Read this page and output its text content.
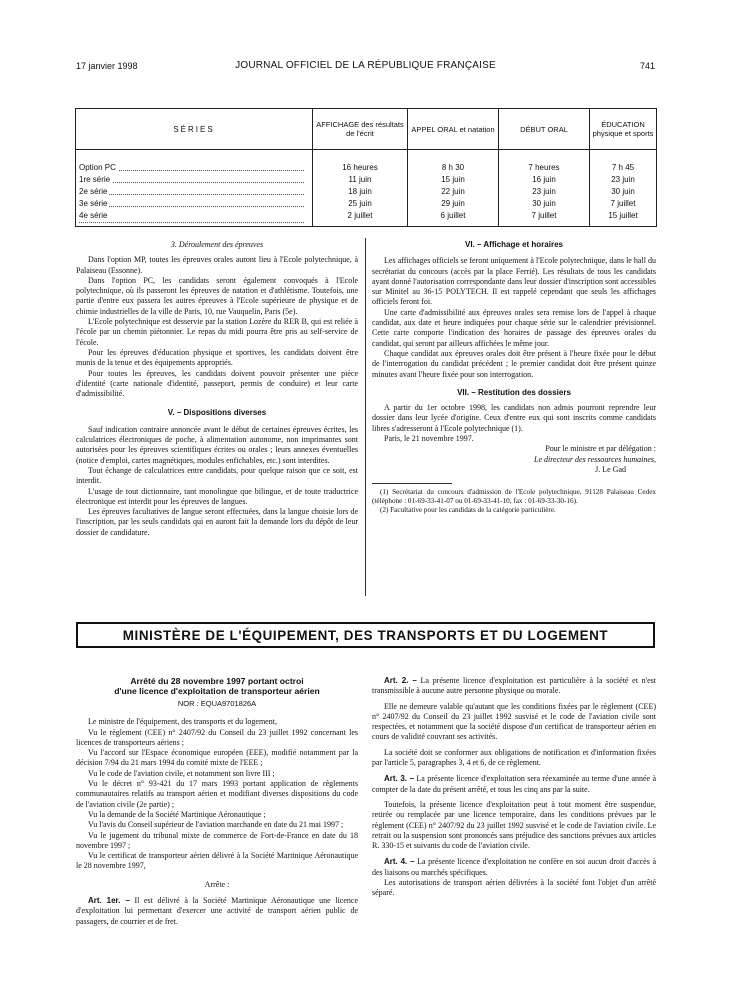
17 janvier 1998	JOURNAL OFFICIEL DE LA RÉPUBLIQUE FRANÇAISE	741
SÉRIES	AFFICHAGE des résultats de l'écrit	APPEL ORAL et natation	DÉBUT ORAL	ÉDUCATION physique et sports

Option PC	16 heures	8 h 30	7 heures	7 h 45

1re série	11 juin	15 juin	16 juin	23 juin

2e série	18 juin	22 juin	23 juin	30 juin

3e série	25 juin	29 juin	30 juin	7 juillet

4e série	2 juillet	6 juillet	7 juillet	15 juillet
3. Déroulement des épreuves

Dans l'option MP, toutes les épreuves orales auront lieu à l'Ecole polytechnique, à Palaiseau (Essonne).

Dans l'option PC, les candidats seront également convoqués à l'Ecole polytechnique, où ils passeront les épreuves de natation et d'athlétisme. Toutefois, une partie d'entre eux passera les autres épreuves à l'Ecole supérieure de physique et de chimie industrielles de la ville de Paris, 10, rue Vauquelin, Paris (5e).

L'Ecole polytechnique est desservie par la station Lozère du RER B, qui est reliée à l'école par un chemin piétonnier. Le repas du midi pourra être pris au self-service de l'école.

Pour les épreuves d'éducation physique et sportives, les candidats doivent être munis de la tenue et des équipements appropriés.

Pour toutes les épreuves, les candidats doivent pouvoir présenter une pièce d'identité (carte nationale d'identité, passeport, permis de conduire) et leur carte d'admissibilité.

V. – Dispositions diverses

Sauf indication contraire annoncée avant le début de certaines épreuves écrites, les calculatrices électroniques de poche, à alimentation autonome, non imprimantes sont autorisées pour les épreuves scientifiques écrites ou orales ; leurs annexes éventuelles (notice d'emploi, cartes magnétiques, modules enfichables, etc.) sont interdites.

Tout échange de calculatrices entre candidats, pour quelque raison que ce soit, est interdit.

L'usage de tout dictionnaire, tant monolingue que bilingue, et de toute traductrice électronique est interdit pour les épreuves de langues.

Les épreuves facultatives de langue seront effectuées, dans la langue choisie lors de l'inscription, par les seuls candidats qui en auront fait la demande lors du dépôt de leur dossier de candidature.

VI. – Affichage et horaires

Les affichages officiels se feront uniquement à l'Ecole polytechnique, dans le hall du secrétariat du concours (accès par la place Ferrié). Les résultats de tous les candidats ayant donné l'autorisation correspondante dans leur dossier d'inscription sont accessibles sur Minitel au 36-15 POLYTECH. Il est rappelé cependant que seuls les affichages officiels feront foi.

Une carte d'admissibilité aux épreuves orales sera remise lors de l'appel à chaque candidat, aux date et heure indiquées pour chaque série sur le calendrier prévisionnel. Cette carte comporte l'indication des horaires de passage des épreuves orales du candidat, qui seront par ailleurs affichées le même jour.

Chaque candidat aux épreuves orales doit être présent à l'heure fixée pour le début de l'interrogation du candidat précédent ; le premier candidat doit être présent quinze minutes avant l'heure fixée pour son interrogation.

VII. – Restitution des dossiers

A partir du 1er octobre 1998, les candidats non admis pourront reprendre leur dossier dans leur lycée d'origine. Ceux d'entre eux qui sont inscrits comme candidats libres s'adresseront à l'Ecole polytechnique (1).

Paris, le 21 novembre 1997.

Pour le ministre et par délégation :

Le directeur des ressources humaines,

J. Le Gad

(1) Secrétariat du concours d'admission de l'Ecole polytechnique, 91128 Palaiseau Cedex (téléphone : 01-69-33-41-07 ou 01-69-33-41-10, fax : 01-69-33-30-16).

(2) Facultative pour les candidats de la catégorie particulière.

MINISTÈRE DE L'ÉQUIPEMENT, DES TRANSPORTS ET DU LOGEMENT
Arrêté du 28 novembre 1997 portant octroi
d'une licence d'exploitation de transporteur aérien
NOR : EQUA9701826A

Le ministre de l'équipement, des transports et du logement,

Vu le règlement (CEE) n° 2407/92 du Conseil du 23 juillet 1992 concernant les licences de transporteurs aériens ;

Vu l'accord sur l'Espace économique européen (EEE), modifié notamment par la décision 7/94 du 21 mars 1994 du comité mixte de l'EEE ;

Vu le code de l'aviation civile, et notamment son livre III ;

Vu le décret n° 93-421 du 17 mars 1993 portant application de règlements communautaires relatifs au transport aérien et modifiant diverses dispositions du code de l'aviation civile (2e partie) ;

Vu la demande de la Société Martinique Aéronautique ;

Vu l'avis du Conseil supérieur de l'aviation marchande en date du 21 mai 1997 ;

Vu le jugement du tribunal mixte de commerce de Fort-de-France en date du 18 novembre 1997 ;

Vu le certificat de transporteur aérien délivré à la Société Martinique Aéronautique le 28 novembre 1997,

Arrête :

Art. 1er. – Il est délivré à la Société Martinique Aéronautique une licence d'exploitation lui permettant d'exercer une activité de transport aérien public de passagers, de courrier et de fret.

Art. 2. – La présente licence d'exploitation est particulière à la société et n'est transmissible à aucune autre personne physique ou morale.

Elle ne demeure valable qu'autant que les conditions fixées par le règlement (CEE) n° 2407/92 du Conseil du 23 juillet 1992 susvisé et le code de l'aviation civile sont respectées, et notamment que la société dispose d'un certificat de transporteur aérien en cours de validité couvrant ses activités.

La société doit se conformer aux obligations de notification et d'information fixées par l'article 5, paragraphes 3, 4 et 6, de ce règlement.

Art. 3. – La présente licence d'exploitation sera réexaminée au terme d'une année à compter de la date du présent arrêté, et tous les cinq ans par la suite.

Toutefois, la présente licence d'exploitation peut à tout moment être suspendue, retirée ou remplacée par une licence temporaire, dans les conditions prévues par le règlement (CEE) n° 2407/92 du 23 juillet 1992 susvisé et le code de l'aviation civile. Le retrait ou la suspension sont prononcés sans préjudice des sanctions prévues aux articles R. 330-15 et suivants du code de l'aviation civile.

Art. 4. – La présente licence d'exploitation ne confère en soi aucun droit d'accès à des liaisons ou marchés spécifiques.

Les autorisations de transport aérien délivrées à la société font l'objet d'un arrêté séparé.
